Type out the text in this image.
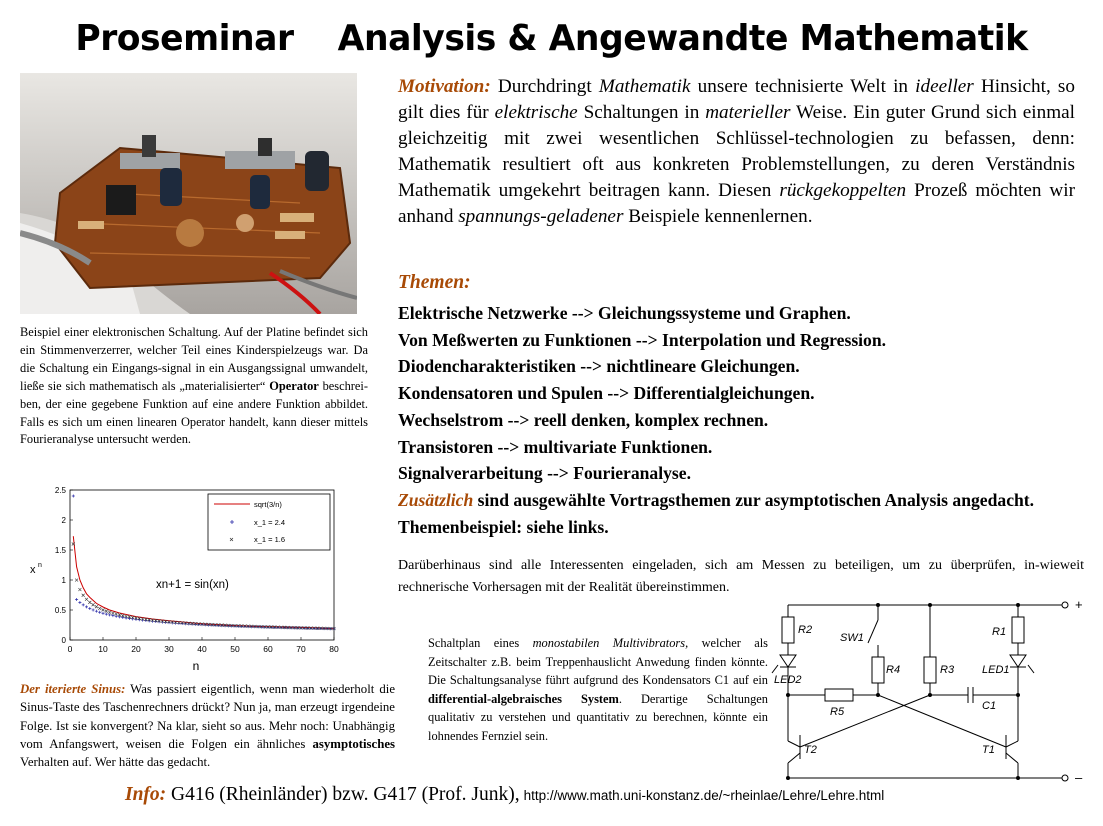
Proseminar Analysis & Angewandte Mathematik
Beispiel einer elektronischen Schaltung. Auf der Platine befindet sich ein Stimmenverzerrer, welcher Teil eines Kinderspielzeugs war. Da die Schaltung ein Eingangs-signal in ein Ausgangssignal umwandelt, ließe sie sich mathematisch als „materialisierter“ Operator beschrei-ben, der eine gegebene Funktion auf eine andere Funktion abbildet. Falls es sich um einen linearen Operator handelt, kann dieser mittels Fourieranalyse untersucht werden.
0	10	20	30	40	50	60	70	80
0
0.5
1
1.5
2
2.5
n
x n
sqrt(3/n)
x_1 = 2.4
x_1 = 1.6
xn+1 = sin(xn)
Der iterierte Sinus: Was passiert eigentlich, wenn man wiederholt die Sinus-Taste des Taschenrechners drückt? Nun ja, man erzeugt irgendeine Folge. Ist sie konvergent? Na klar, sieht so aus. Mehr noch: Unabhängig vom Anfangswert, weisen die Folgen ein ähnliches asymptotisches Verhalten auf. Wer hätte das gedacht.
Motivation: Durchdringt Mathematik unsere technisierte Welt in ideeller Hinsicht, so gilt dies für elektrische Schaltungen in materieller Weise. Ein guter Grund sich einmal gleichzeitig mit zwei wesentlichen Schlüssel-technologien zu befassen, denn: Mathematik resultiert oft aus konkreten Problemstellungen, zu deren Verständnis Mathematik umgekehrt beitragen kann. Diesen rückgekoppelten Prozeß möchten wir anhand spannungs-geladener Beispiele kennenlernen.
Themen:
Elektrische Netzwerke --> Gleichungssysteme und Graphen.
Von Meßwerten zu Funktionen --> Interpolation und Regression.
Diodencharakteristiken --> nichtlineare Gleichungen.
Kondensatoren und Spulen --> Differentialgleichungen.
Wechselstrom --> reell denken, komplex rechnen.
Transistoren --> multivariate Funktionen.
Signalverarbeitung --> Fourieranalyse.
Zusätzlich sind ausgewählte Vortragsthemen zur asymptotischen Analysis angedacht. Themenbeispiel: siehe links.
Darüberhinaus sind alle Interessenten eingeladen, sich am Messen zu beteiligen, um zu überprüfen, in-wieweit rechnerische Vorhersagen mit der Realität übereinstimmen.
Schaltplan eines monostabilen Multivibrators, welcher als Zeitschalter z.B. beim Treppenhauslicht Anwedung finden könnte. Die Schaltungsanalyse führt aufgrund des Kondensators C1 auf ein differential-algebraisches System. Derartige Schaltungen qualitativ zu verstehen und quantitativ zu berechnen, könnte ein lohnendes Fernziel sein.
R2
SW1
LED2
R4	R3	LED1
R1
R5	C1
T2	T1
+
–
Info: G416 (Rheinländer) bzw. G417 (Prof. Junk), http://www.math.uni-konstanz.de/~rheinlae/Lehre/Lehre.html
